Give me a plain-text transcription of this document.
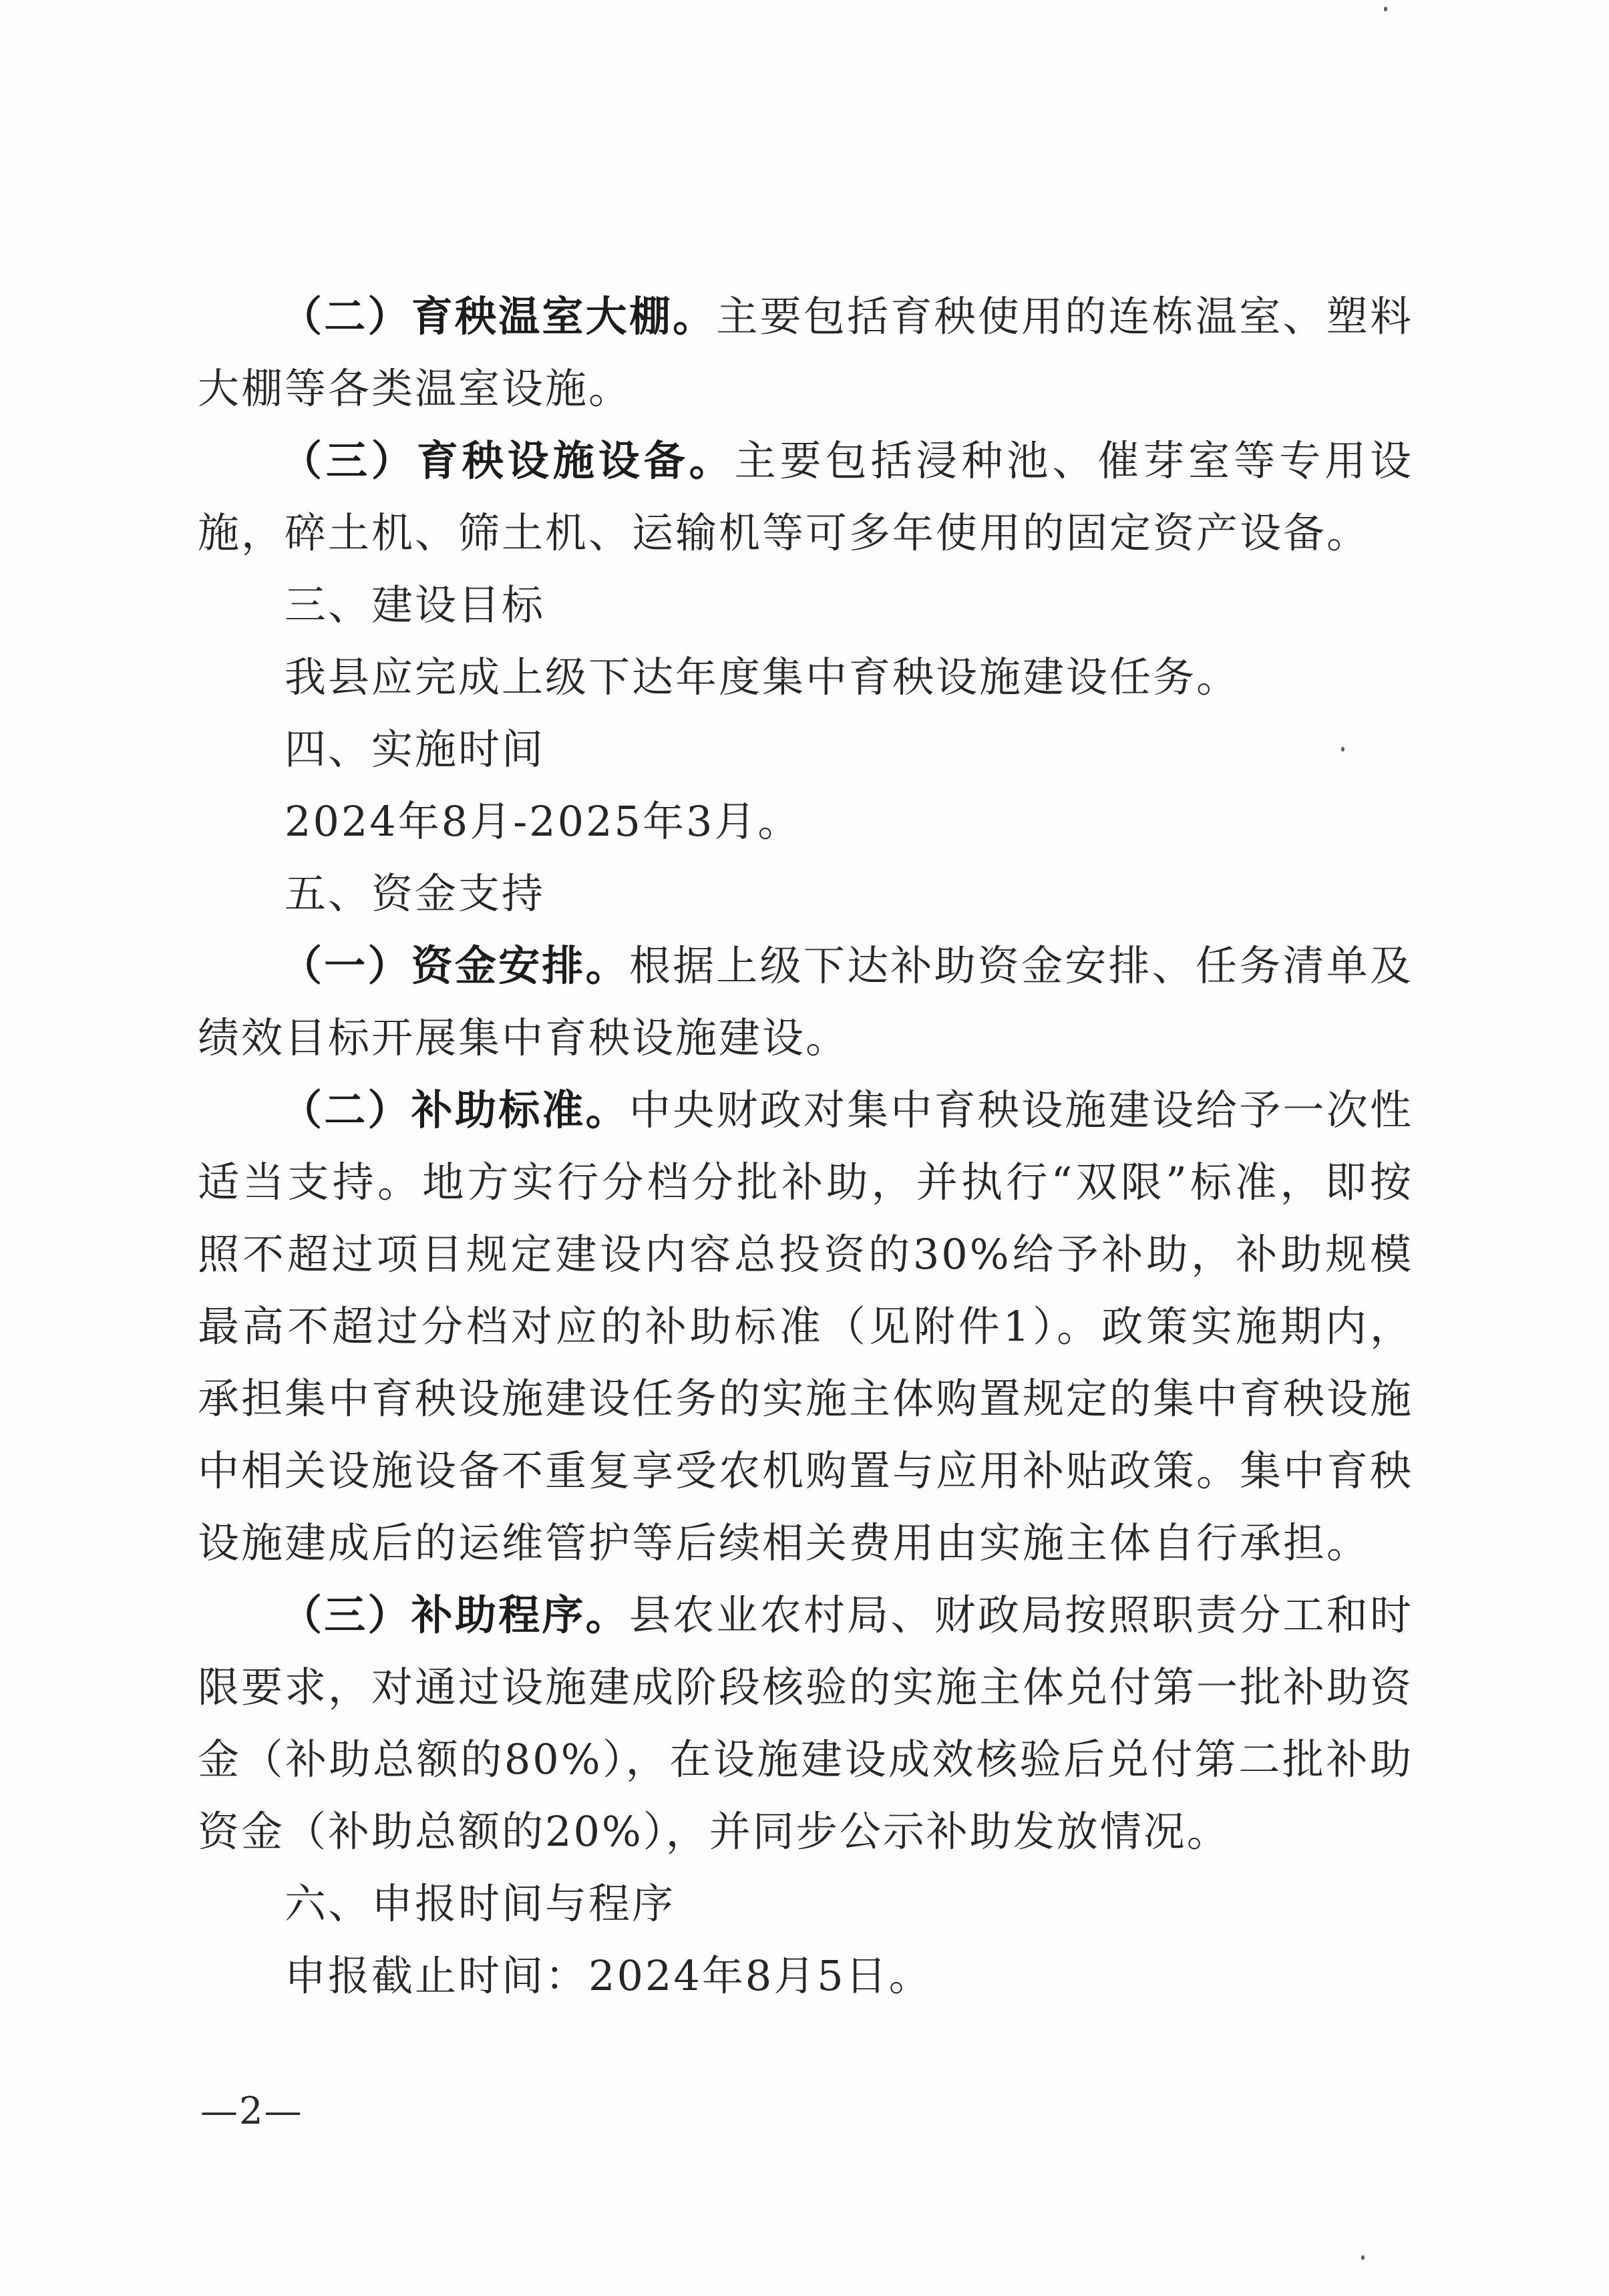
（二）育秧温室大棚。主要包括育秧使用的连栋温室、塑料大棚等各类温室设施。

（三）育秧设施设备。主要包括浸种池、催芽室等专用设施，碎土机、筛土机、运输机等可多年使用的固定资产设备。

三、建设目标

我县应完成上级下达年度集中育秧设施建设任务。

四、实施时间

2024年8月-2025年3月。

五、资金支持

（一）资金安排。根据上级下达补助资金安排、任务清单及绩效目标开展集中育秧设施建设。

（二）补助标准。中央财政对集中育秧设施建设给予一次性适当支持。地方实行分档分批补助，并执行“双限”标准，即按照不超过项目规定建设内容总投资的30%给予补助，补助规模最高不超过分档对应的补助标准（见附件1）。政策实施期内，承担集中育秧设施建设任务的实施主体购置规定的集中育秧设施中相关设施设备不重复享受农机购置与应用补贴政策。集中育秧设施建成后的运维管护等后续相关费用由实施主体自行承担。

（三）补助程序。县农业农村局、财政局按照职责分工和时限要求，对通过设施建成阶段核验的实施主体兑付第一批补助资金（补助总额的80%），在设施建设成效核验后兑付第二批补助资金（补助总额的20%），并同步公示补助发放情况。

六、申报时间与程序

申报截止时间：2024年8月5日。

—2—
